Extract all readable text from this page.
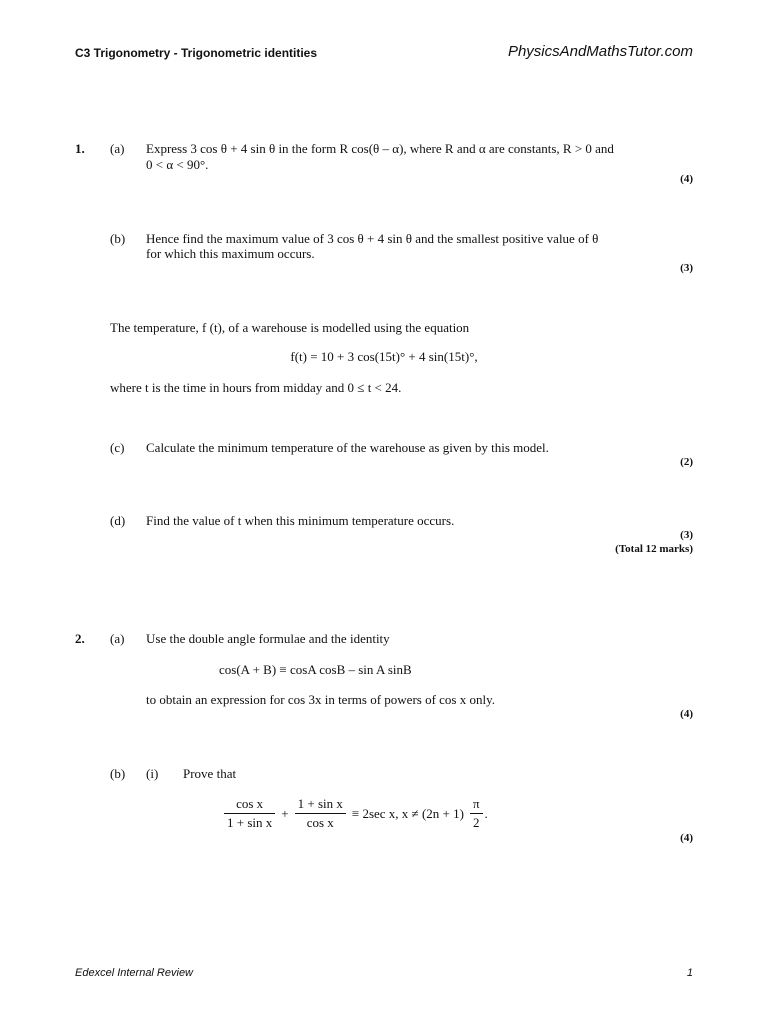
C3 Trigonometry - Trigonometric identities	PhysicsAndMathsTutor.com
1. (a) Express 3 cos θ + 4 sin θ in the form R cos(θ – α), where R and α are constants, R > 0 and
0 < α < 90°.
(4)
(b) Hence find the maximum value of 3 cos θ + 4 sin θ and the smallest positive value of θ
for which this maximum occurs.
(3)
The temperature, f (t), of a warehouse is modelled using the equation
f(t) = 10 + 3 cos(15t)° + 4 sin(15t)°,
where t is the time in hours from midday and 0 ≤ t < 24.
(c) Calculate the minimum temperature of the warehouse as given by this model.
(2)
(d) Find the value of t when this minimum temperature occurs.
(3)
(Total 12 marks)
2. (a) Use the double angle formulae and the identity
cos(A + B) ≡ cosA cosB – sin A sinB
to obtain an expression for cos 3x in terms of powers of cos x only.
(4)
(b) (i) Prove that
$\frac{\text{cos x}}{\text{1 + sin x}} + \frac{\text{1 + sin x}}{\text{cos x}} \equiv 2\sec$ x, $x \ne (2n + 1) \frac{\pi}{2}$ .
(4)
Edexcel Internal Review	1
